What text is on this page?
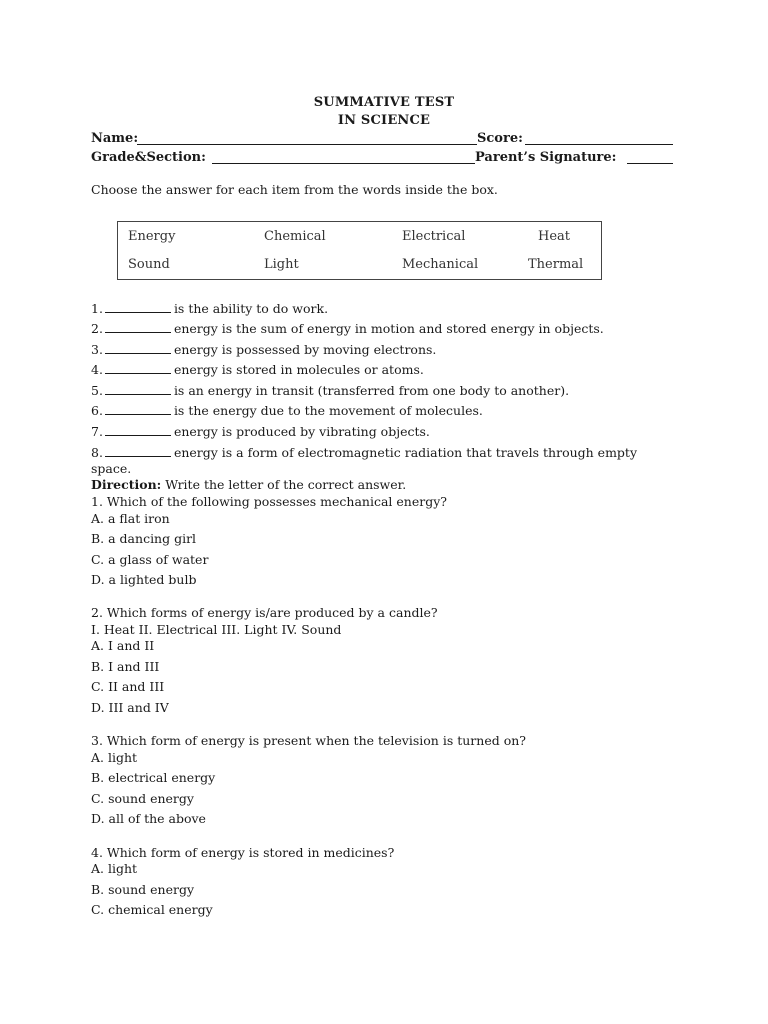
SUMMATIVE TEST
IN SCIENCE
Name:	Score:
Grade&Section:	Parent’s Signature:
Choose the answer for each item from the words inside the box.
Energy	Chemical	Electrical	Heat
Sound	Light	Mechanical	Thermal
1.	is the ability to do work.
2.	energy is the sum of energy in motion and stored energy in objects.
3.	energy is possessed by moving electrons.
4.	energy is stored in molecules or atoms.
5.	is an energy in transit (transferred from one body to another).
6.	is the energy due to the movement of molecules.
7.	energy is produced by vibrating objects.
8.	energy is a form of electromagnetic radiation that travels through empty space.
Direction: Write the letter of the correct answer.
1. Which of the following possesses mechanical energy?
A. a flat iron
B. a dancing girl
C. a glass of water
D. a lighted bulb
2. Which forms of energy is/are produced by a candle?
I. Heat II. Electrical III. Light IV. Sound
A. I and II
B. I and III
C. II and III
D. III and IV
3. Which form of energy is present when the television is turned on?
A. light
B. electrical energy
C. sound energy
D. all of the above
4. Which form of energy is stored in medicines?
A. light
B. sound energy
C. chemical energy
